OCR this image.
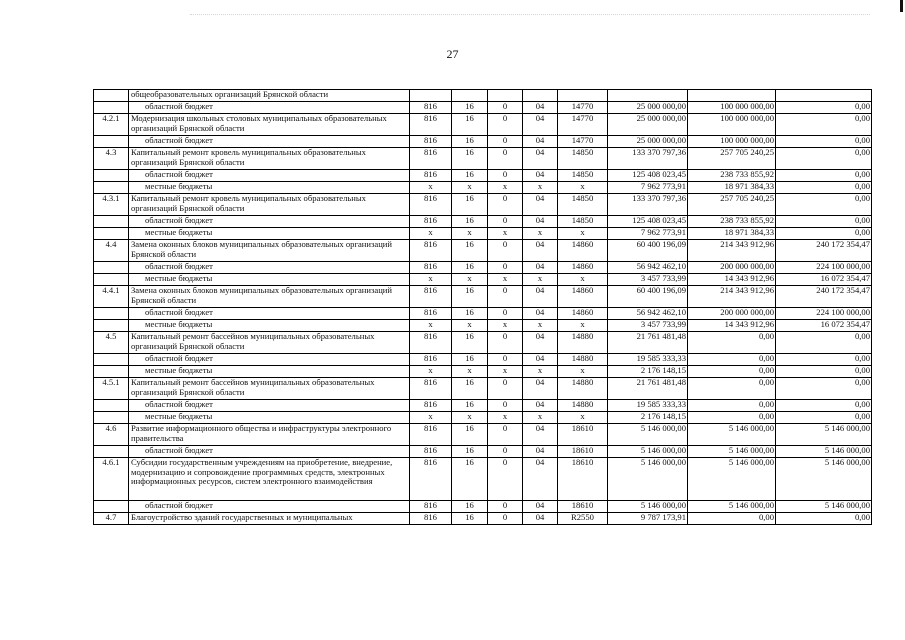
27
	общеобразовательных организаций Брянской области								
	областной бюджет	816	16	0	04	14770	25 000 000,00	100 000 000,00	0,00
4.2.1	Модернизация школьных столовых муниципальных образовательных организаций Брянской области	816	16	0	04	14770	25 000 000,00	100 000 000,00	0,00
	областной бюджет	816	16	0	04	14770	25 000 000,00	100 000 000,00	0,00
4.3	Капитальный ремонт кровель муниципальных образовательных организаций Брянской области	816	16	0	04	14850	133 370 797,36	257 705 240,25	0,00
	областной бюджет	816	16	0	04	14850	125 408 023,45	238 733 855,92	0,00
	местные бюджеты	x	x	x	x	x	7 962 773,91	18 971 384,33	0,00
4.3.1	Капитальный ремонт кровель муниципальных образовательных организаций Брянской области	816	16	0	04	14850	133 370 797,36	257 705 240,25	0,00
	областной бюджет	816	16	0	04	14850	125 408 023,45	238 733 855,92	0,00
	местные бюджеты	x	x	x	x	x	7 962 773,91	18 971 384,33	0,00
4.4	Замена оконных блоков муниципальных образовательных организаций Брянской области	816	16	0	04	14860	60 400 196,09	214 343 912,96	240 172 354,47
	областной бюджет	816	16	0	04	14860	56 942 462,10	200 000 000,00	224 100 000,00
	местные бюджеты	x	x	x	x	x	3 457 733,99	14 343 912,96	16 072 354,47
4.4.1	Замена оконных блоков муниципальных образовательных организаций Брянской области	816	16	0	04	14860	60 400 196,09	214 343 912,96	240 172 354,47
	областной бюджет	816	16	0	04	14860	56 942 462,10	200 000 000,00	224 100 000,00
	местные бюджеты	x	x	x	x	x	3 457 733,99	14 343 912,96	16 072 354,47
4.5	Капитальный ремонт бассейнов муниципальных образовательных организаций Брянской области	816	16	0	04	14880	21 761 481,48	0,00	0,00
	областной бюджет	816	16	0	04	14880	19 585 333,33	0,00	0,00
	местные бюджеты	x	x	x	x	x	2 176 148,15	0,00	0,00
4.5.1	Капитальный ремонт бассейнов муниципальных образовательных организаций Брянской области	816	16	0	04	14880	21 761 481,48	0,00	0,00
	областной бюджет	816	16	0	04	14880	19 585 333,33	0,00	0,00
	местные бюджеты	x	x	x	x	x	2 176 148,15	0,00	0,00
4.6	Развитие информационного общества и инфраструктуры электронного правительства	816	16	0	04	18610	5 146 000,00	5 146 000,00	5 146 000,00
	областной бюджет	816	16	0	04	18610	5 146 000,00	5 146 000,00	5 146 000,00
4.6.1	Субсидии государственным учреждениям на приобретение, внедрение, модернизацию и сопровождение программных средств, электронных информационных ресурсов, систем электронного взаимодействия	816	16	0	04	18610	5 146 000,00	5 146 000,00	5 146 000,00
	областной бюджет	816	16	0	04	18610	5 146 000,00	5 146 000,00	5 146 000,00
4.7	Благоустройство зданий государственных и муниципальных	816	16	0	04	R2550	9 787 173,91	0,00	0,00
